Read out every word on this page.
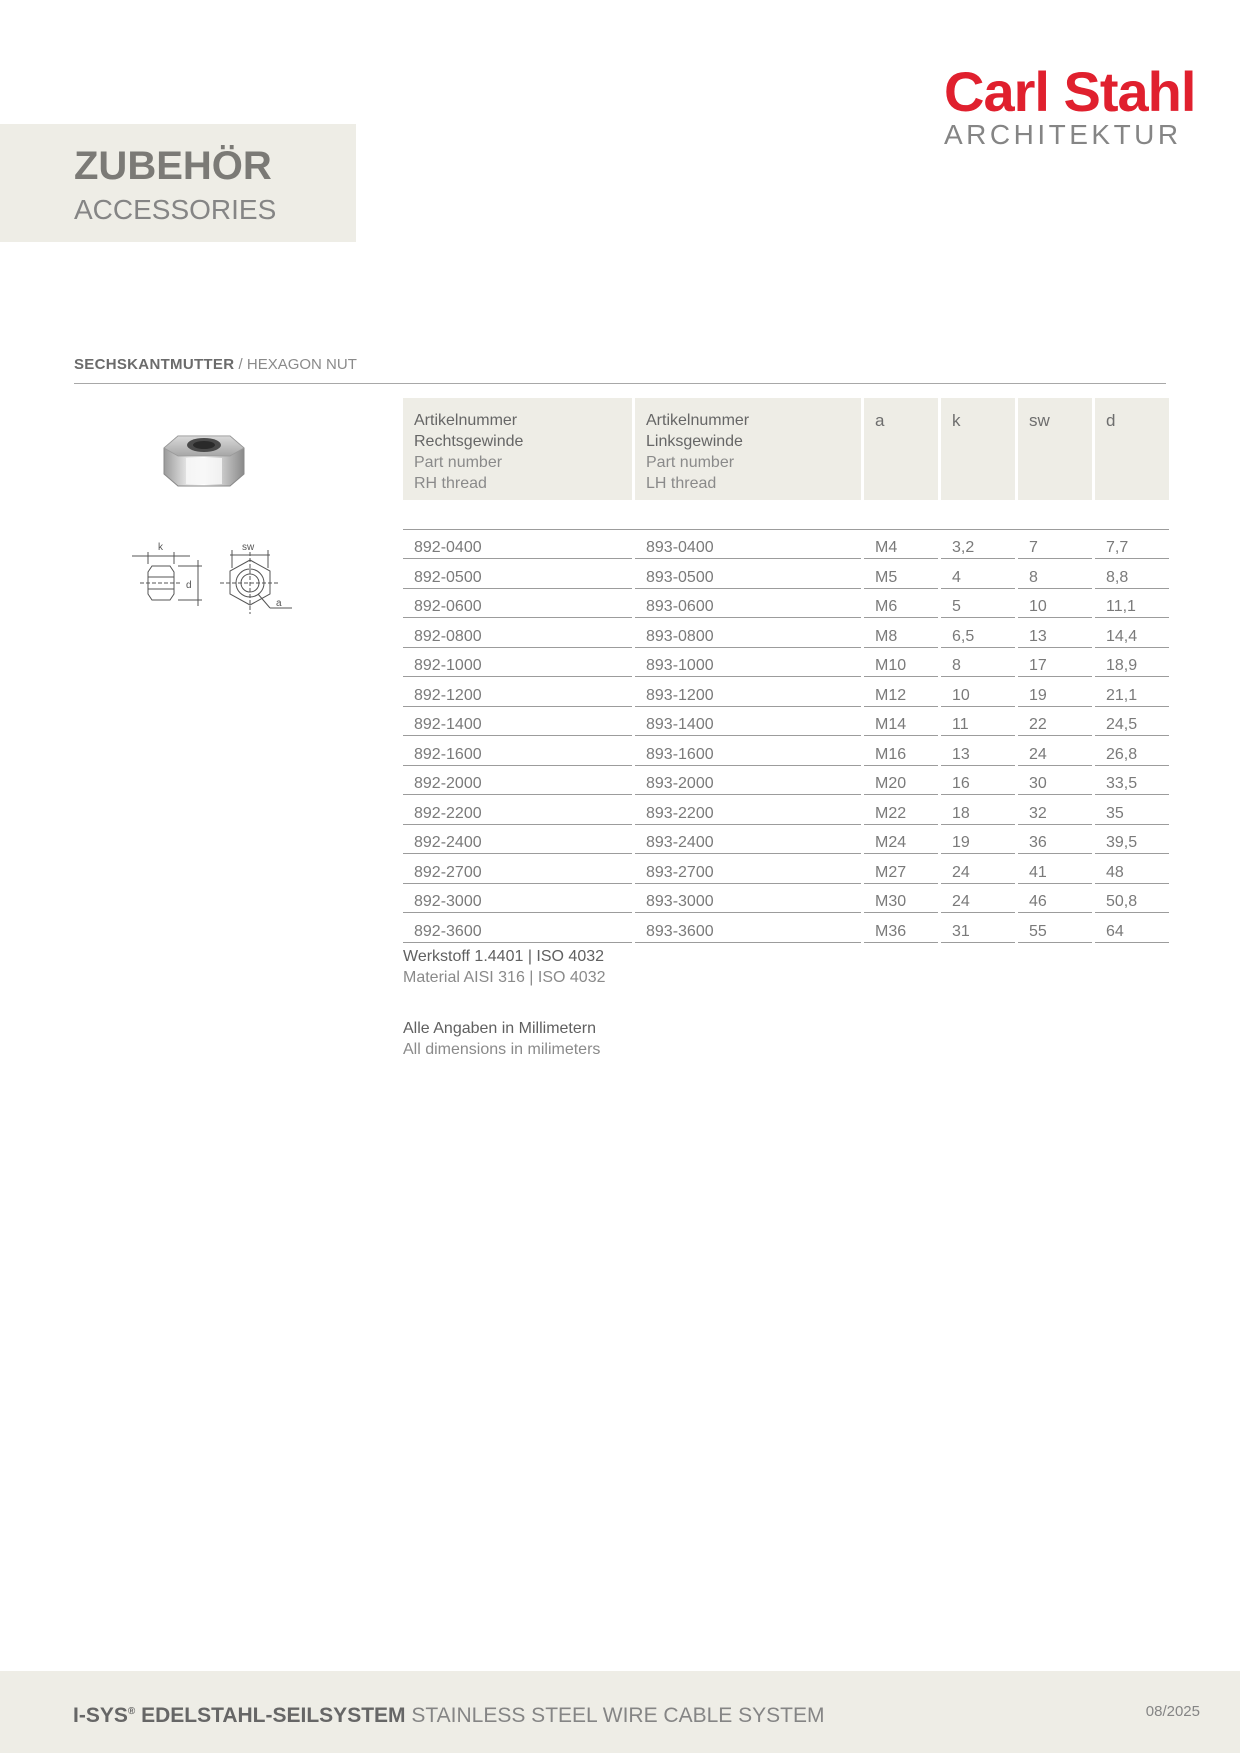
Carl Stahl
ARCHITEKTUR
ZUBEHÖR
ACCESSORIES
SECHSKANTMUTTER / HEXAGON NUT
k	sw
d
a
Artikelnummer
Rechtsgewinde
Part number
RH thread	Artikelnummer
Linksgewinde
Part number
LH thread	a	k	sw	d

892-0400	893-0400	M4	3,2	7	7,7
892-0500	893-0500	M5	4	8	8,8
892-0600	893-0600	M6	5	10	11,1
892-0800	893-0800	M8	6,5	13	14,4
892-1000	893-1000	M10	8	17	18,9
892-1200	893-1200	M12	10	19	21,1
892-1400	893-1400	M14	11	22	24,5
892-1600	893-1600	M16	13	24	26,8
892-2000	893-2000	M20	16	30	33,5
892-2200	893-2200	M22	18	32	35
892-2400	893-2400	M24	19	36	39,5
892-2700	893-2700	M27	24	41	48
892-3000	893-3000	M30	24	46	50,8
892-3600	893-3600	M36	31	55	64
Werkstoff 1.4401 | ISO 4032
Material AISI 316 | ISO 4032
Alle Angaben in Millimetern
All dimensions in milimeters
I-SYS® EDELSTAHL-SEILSYSTEM STAINLESS STEEL WIRE CABLE SYSTEM	08/2025
